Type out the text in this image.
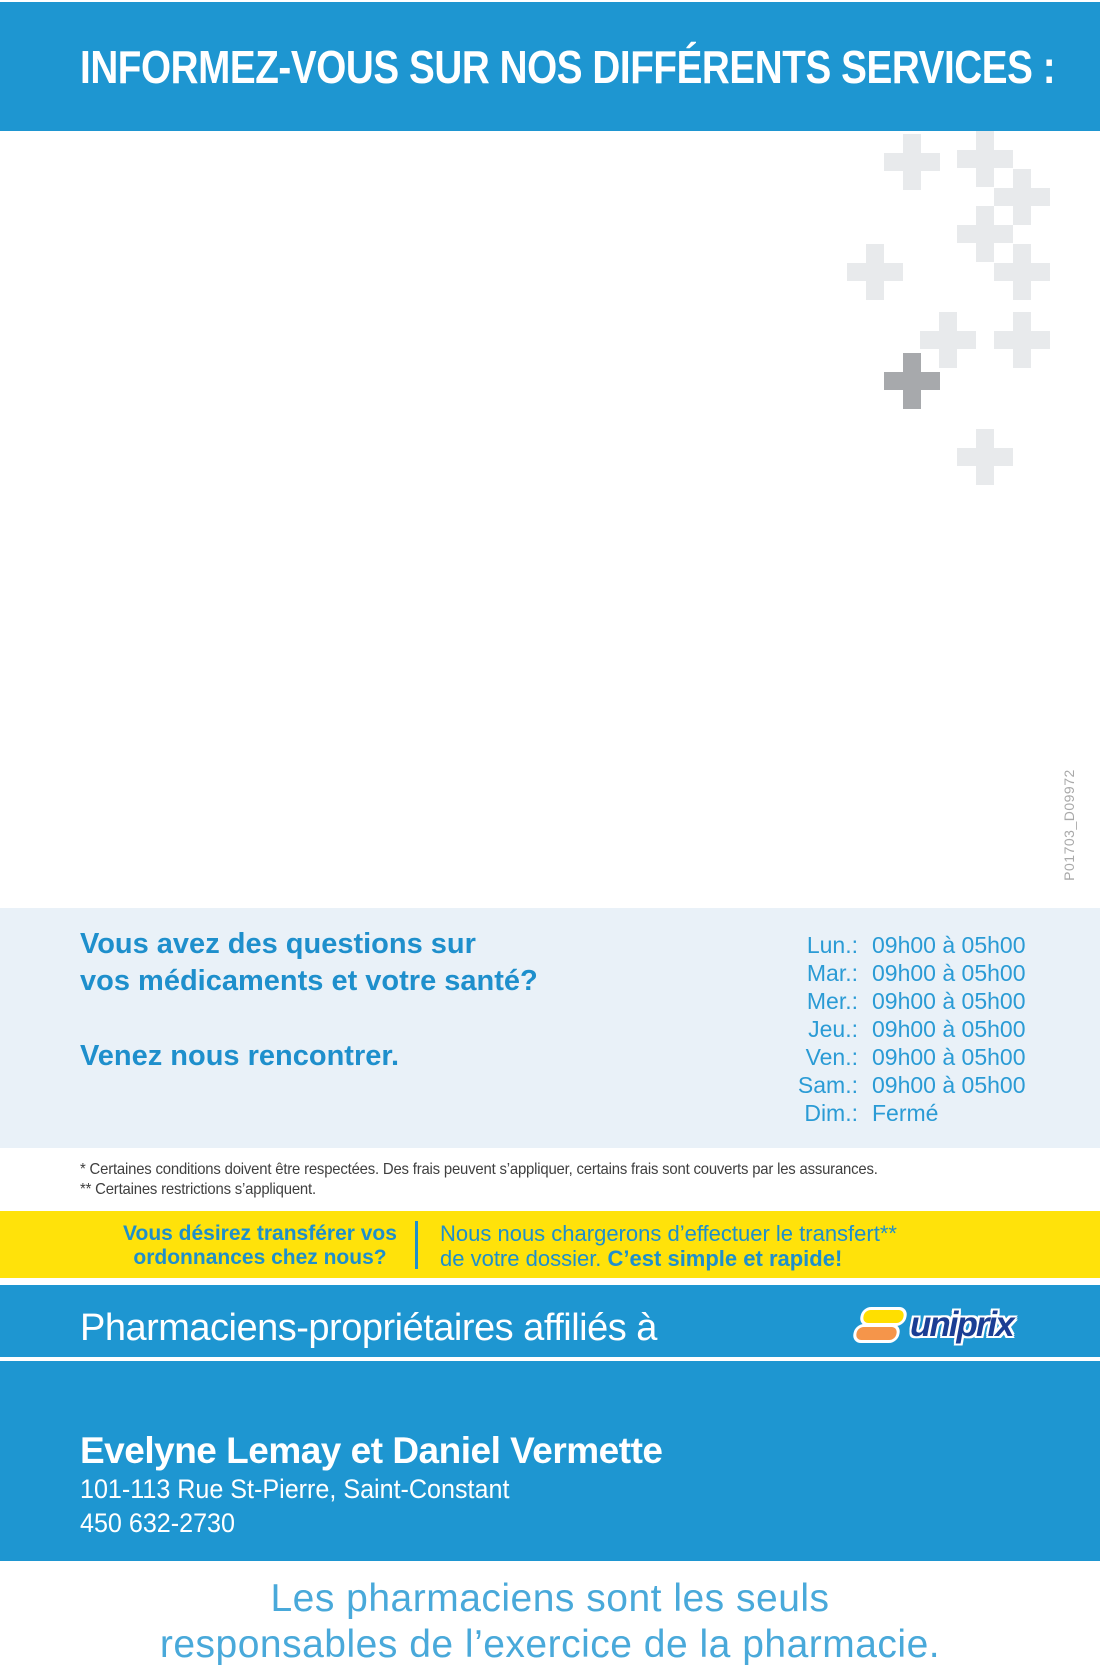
INFORMEZ-VOUS SUR NOS DIFFÉRENTS SERVICES :
P01703_D09972
Vous avez des questions sur
vos médicaments et votre santé?
Venez nous rencontrer.
Lun.: 09h00 à 05h00
Mar.: 09h00 à 05h00
Mer.: 09h00 à 05h00
Jeu.: 09h00 à 05h00
Ven.: 09h00 à 05h00
Sam.: 09h00 à 05h00
Dim.: Fermé
* Certaines conditions doivent être respectées. Des frais peuvent s’appliquer, certains frais sont couverts par les assurances.
** Certaines restrictions s’appliquent.
Vous désirez transférer vos
ordonnances chez nous?
Nous nous chargerons d’effectuer le transfert**
de votre dossier. C’est simple et rapide!
Pharmaciens-propriétaires affiliés à	uniprix
Evelyne Lemay et Daniel Vermette
101-113 Rue St-Pierre, Saint-Constant
450 632-2730
Les pharmaciens sont les seuls
responsables de l’exercice de la pharmacie.
